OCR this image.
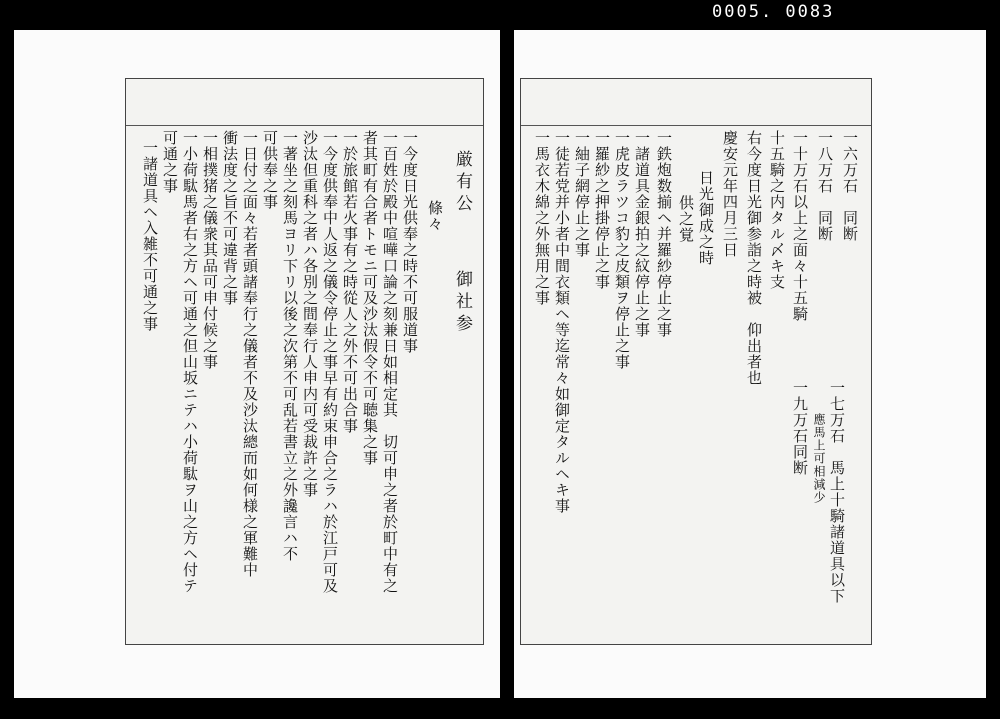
0005. 0083
一六万石　同断
一八万石　同断
一十万石以上之面々十五騎
十五騎之内タル〆キ支
右今度日光御参詣之時被　仰出者也
慶安元年四月三日
日光御成之時
供之覚
一鉄炮数揃ヘ并羅紗停止之事
一諸道具金銀拍之紋停止之事
一虎皮ラツコ豹之皮類ヲ停止之事
一羅紗之押掛停止之事
一紬子網停止之事
一徒若党并小者中間衣類ヘ等迄常々如御定タルヘキ事
一馬衣木綿之外無用之事
一七万石　馬上十騎諸道具以下
　應馬上可相減少
一九万石同断
厳有公
御社参
條々
一今度日光供奉之時不可服道事
一百姓於殿中喧嘩口論之刻兼日如相定其　切可申之者於町中有之
者其町有合者トモニ可及沙汰假令不可聴集之事
一於旅館若火事有之時從人之外不可出合事
一今度供奉中人返之儀令停止之事早有約束申合之ラハ於江戸可及
沙汰但重科之者ハ各別之間奉行人申内可受裁許之事
一著坐之刻馬ヨリ下リ以後之次第不可乱若書立之外讒言ハ不
可供奉之事
一日付之面々若者頭諸奉行之儀者不及沙汰總而如何様之軍難中
衝法度之旨不可違背之事
一相撲猪之儀衆其品可申付候之事
一小荷駄馬者右之方ヘ可通之但山坂ニテハ小荷駄ヲ山之方ヘ付テ
可通之事
一諸道具ヘ入雑不可通之事
